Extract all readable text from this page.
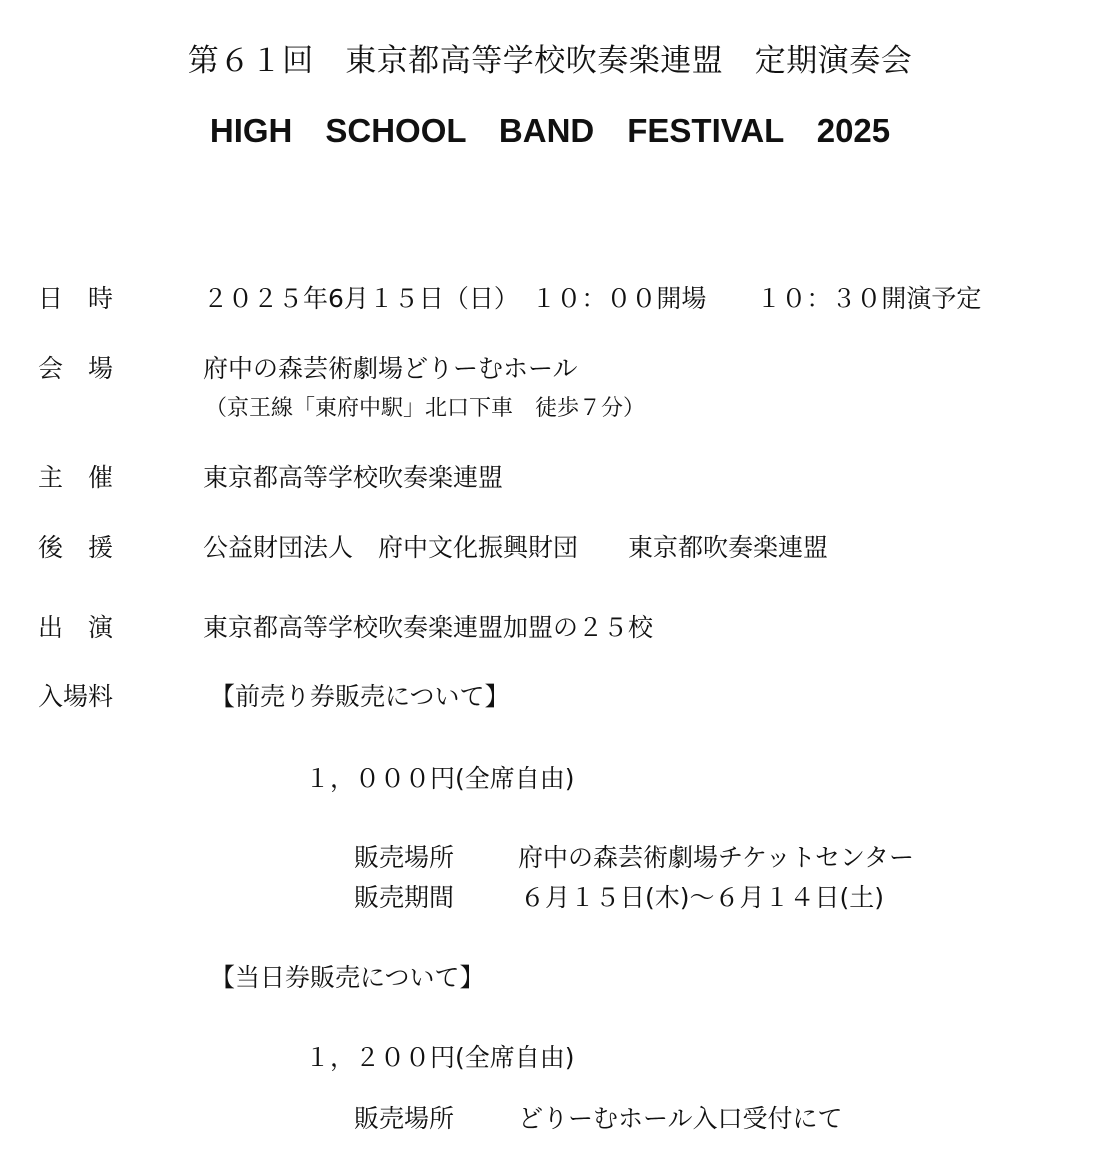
第６１回　東京都高等学校吹奏楽連盟　定期演奏会
HIGH　SCHOOL　BAND　FESTIVAL　2025
日　時	２０２５年6月１５日（日）　１０：００開場　　１０：３０開演予定
会　場	府中の森芸術劇場どりーむホール
（京王線「東府中駅」北口下車　徒歩７分）
主　催	東京都高等学校吹奏楽連盟
後　援	公益財団法人　府中文化振興財団　　東京都吹奏楽連盟
出　演	東京都高等学校吹奏楽連盟加盟の２５校
入場料	【前売り券販売について】
１，０００円(全席自由)
販売場所	府中の森芸術劇場チケットセンター
販売期間	６月１５日(木)～６月１４日(土)
【当日券販売について】
１，２００円(全席自由)
販売場所	どりーむホール入口受付にて
